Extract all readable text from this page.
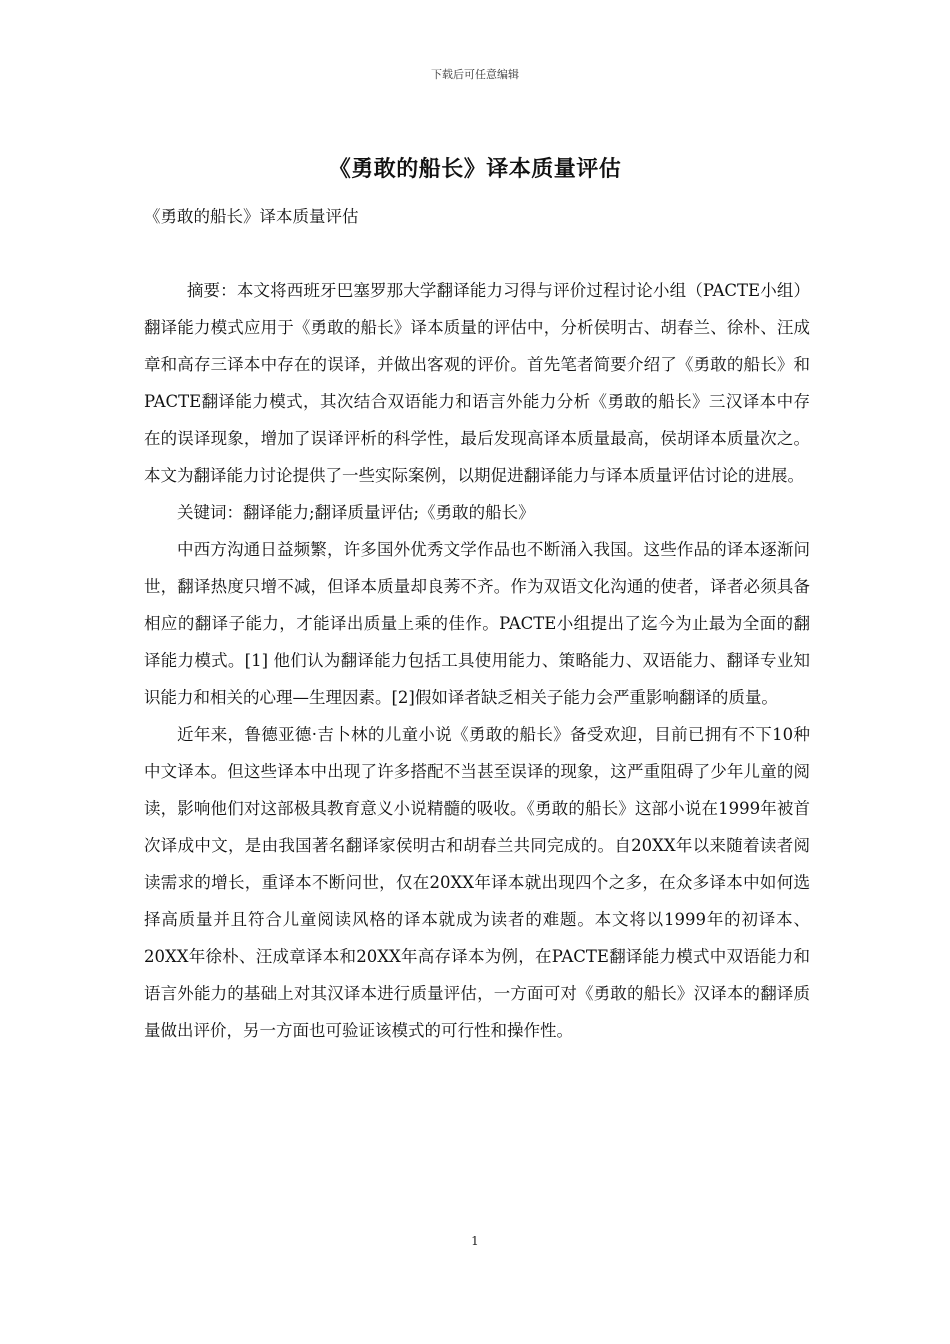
下载后可任意编辑
《勇敢的船长》译本质量评估

《勇敢的船长》译本质量评估

摘要：本文将西班牙巴塞罗那大学翻译能力习得与评价过程讨论小组（PACTE小组）翻译能力模式应用于《勇敢的船长》译本质量的评估中，分析侯明古、胡春兰、徐朴、汪成章和高存三译本中存在的误译，并做出客观的评价。首先笔者简要介绍了《勇敢的船长》和PACTE翻译能力模式，其次结合双语能力和语言外能力分析《勇敢的船长》三汉译本中存在的误译现象，增加了误译评析的科学性，最后发现高译本质量最高，侯胡译本质量次之。本文为翻译能力讨论提供了一些实际案例，以期促进翻译能力与译本质量评估讨论的进展。

关键词：翻译能力;翻译质量评估;《勇敢的船长》

中西方沟通日益频繁，许多国外优秀文学作品也不断涌入我国。这些作品的译本逐渐问世，翻译热度只增不减，但译本质量却良莠不齐。作为双语文化沟通的使者，译者必须具备相应的翻译子能力，才能译出质量上乘的佳作。PACTE小组提出了迄今为止最为全面的翻译能力模式。[1] 他们认为翻译能力包括工具使用能力、策略能力、双语能力、翻译专业知识能力和相关的心理—生理因素。[2]假如译者缺乏相关子能力会严重影响翻译的质量。

近年来，鲁德亚德·吉卜林的儿童小说《勇敢的船长》备受欢迎，目前已拥有不下10种中文译本。但这些译本中出现了许多搭配不当甚至误译的现象，这严重阻碍了少年儿童的阅读，影响他们对这部极具教育意义小说精髓的吸收。《勇敢的船长》这部小说在1999年被首次译成中文，是由我国著名翻译家侯明古和胡春兰共同完成的。自20XX年以来随着读者阅读需求的增长，重译本不断问世，仅在20XX年译本就出现四个之多，在众多译本中如何选择高质量并且符合儿童阅读风格的译本就成为读者的难题。本文将以1999年的初译本、20XX年徐朴、汪成章译本和20XX年高存译本为例，在PACTE翻译能力模式中双语能力和语言外能力的基础上对其汉译本进行质量评估，一方面可对《勇敢的船长》汉译本的翻译质量做出评价，另一方面也可验证该模式的可行性和操作性。

1
